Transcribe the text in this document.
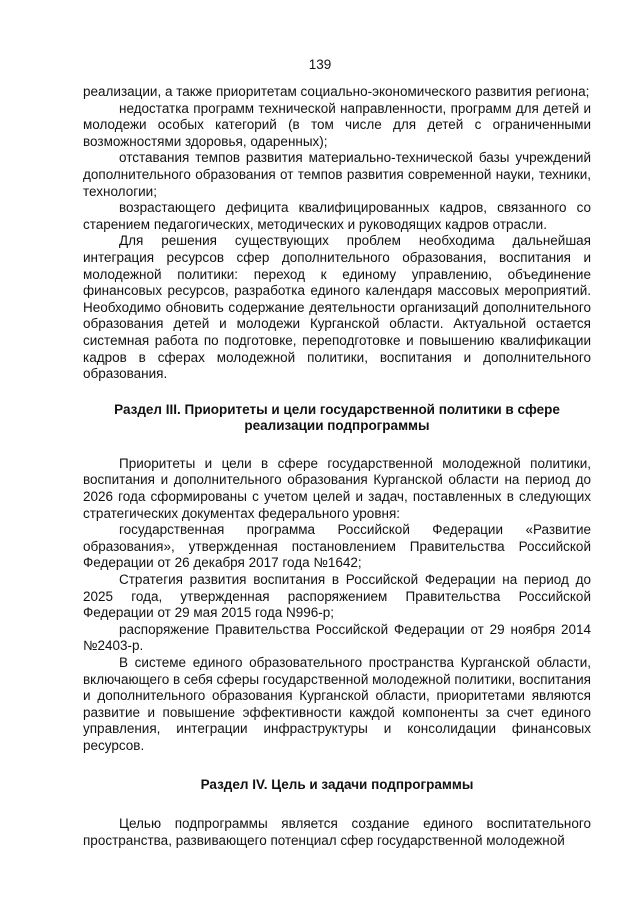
139

реализации, а также приоритетам социально-экономического развития региона;

недостатка программ технической направленности, программ для детей и молодежи особых категорий (в том числе для детей с ограниченными возможностями здоровья, одаренных);

отставания темпов развития материально-технической базы учреждений дополнительного образования от темпов развития современной науки, техники, технологии;

возрастающего дефицита квалифицированных кадров, связанного со старением педагогических, методических и руководящих кадров отрасли.

Для решения существующих проблем необходима дальнейшая интеграция ресурсов сфер дополнительного образования, воспитания и молодежной политики: переход к единому управлению, объединение финансовых ресурсов, разработка единого календаря массовых мероприятий. Необходимо обновить содержание деятельности организаций дополнительного образования детей и молодежи Курганской области. Актуальной остается системная работа по подготовке, переподготовке и повышению квалификации кадров в сферах молодежной политики, воспитания и дополнительного образования.

Раздел III. Приоритеты и цели государственной политики в сфере реализации подпрограммы

Приоритеты и цели в сфере государственной молодежной политики, воспитания и дополнительного образования Курганской области на период до 2026 года сформированы с учетом целей и задач, поставленных в следующих стратегических документах федерального уровня:

государственная программа Российской Федерации «Развитие образования», утвержденная постановлением Правительства Российской Федерации от 26 декабря 2017 года №1642;

Стратегия развития воспитания в Российской Федерации на период до 2025 года, утвержденная распоряжением Правительства Российской Федерации от 29 мая 2015 года N996-р;

распоряжение Правительства Российской Федерации от 29 ноября 2014 №2403-р.

В системе единого образовательного пространства Курганской области, включающего в себя сферы государственной молодежной политики, воспитания и дополнительного образования Курганской области, приоритетами являются развитие и повышение эффективности каждой компоненты за счет единого управления, интеграции инфраструктуры и консолидации финансовых ресурсов.

Раздел IV. Цель и задачи подпрограммы

Целью подпрограммы является создание единого воспитательного пространства, развивающего потенциал сфер государственной молодежной
